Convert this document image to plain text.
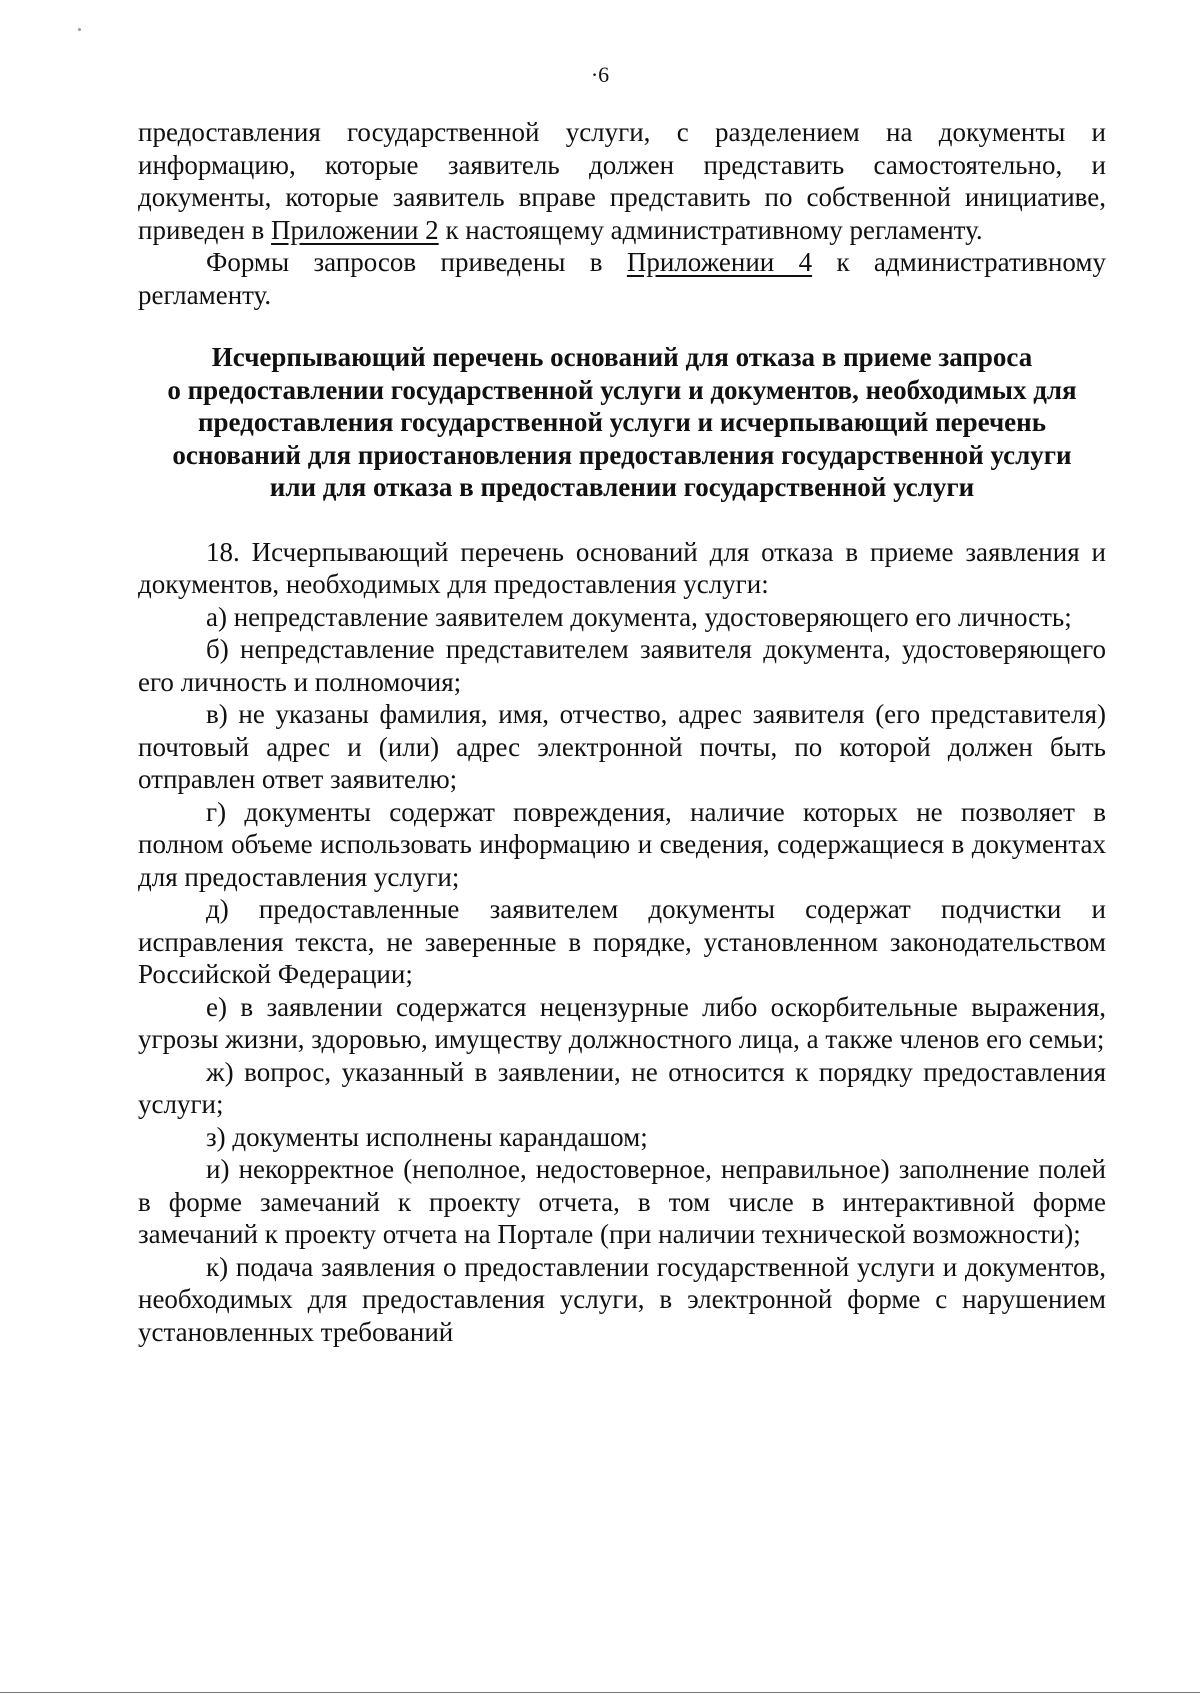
·6

предоставления государственной услуги, с разделением на документы и информацию, которые заявитель должен представить самостоятельно, и документы, которые заявитель вправе представить по собственной инициативе, приведен в Приложении 2 к настоящему административному регламенту.

Формы запросов приведены в Приложении 4 к административному регламенту.

Исчерпывающий перечень оснований для отказа в приеме запроса
о предоставлении государственной услуги и документов, необходимых для
предоставления государственной услуги и исчерпывающий перечень
оснований для приостановления предоставления государственной услуги
или для отказа в предоставлении государственной услуги

18. Исчерпывающий перечень оснований для отказа в приеме заявления и документов, необходимых для предоставления услуги:

а) непредставление заявителем документа, удостоверяющего его личность;
б) непредставление представителем заявителя документа, удостоверяющего его личность и полномочия;
в) не указаны фамилия, имя, отчество, адрес заявителя (его представителя) почтовый адрес и (или) адрес электронной почты, по которой должен быть отправлен ответ заявителю;
г) документы содержат повреждения, наличие которых не позволяет в полном объеме использовать информацию и сведения, содержащиеся в документах для предоставления услуги;
д) предоставленные заявителем документы содержат подчистки и исправления текста, не заверенные в порядке, установленном законодательством Российской Федерации;
е) в заявлении содержатся нецензурные либо оскорбительные выражения, угрозы жизни, здоровью, имуществу должностного лица, а также членов его семьи;
ж) вопрос, указанный в заявлении, не относится к порядку предоставления услуги;
з) документы исполнены карандашом;
и) некорректное (неполное, недостоверное, неправильное) заполнение полей в форме замечаний к проекту отчета, в том числе в интерактивной форме замечаний к проекту отчета на Портале (при наличии технической возможности);
к) подача заявления о предоставлении государственной услуги и документов, необходимых для предоставления услуги, в электронной форме с нарушением установленных требований
